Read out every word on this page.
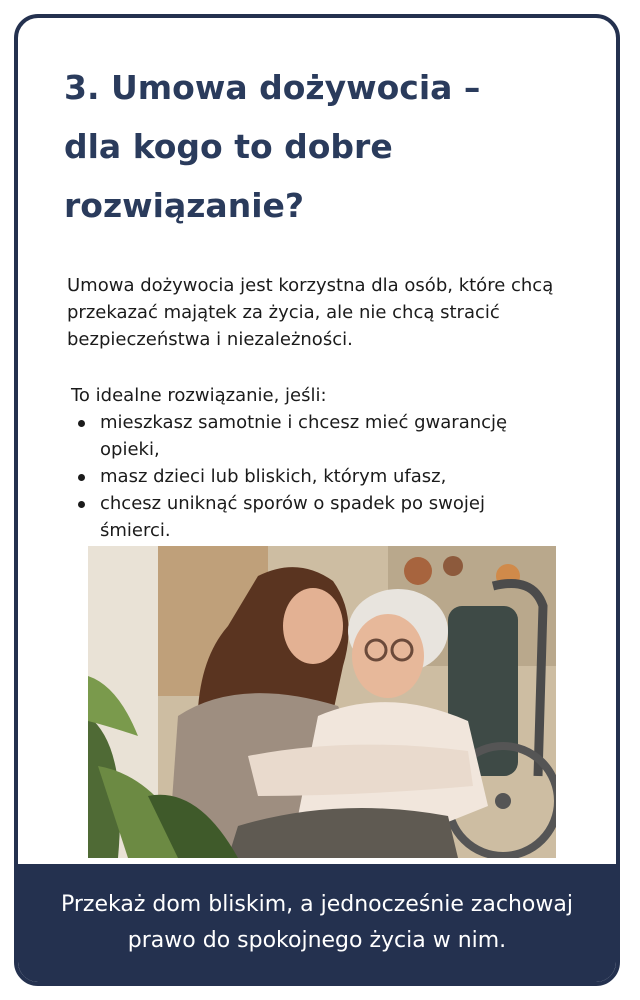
3. Umowa dożywocia –
dla kogo to dobre
rozwiązanie?

Umowa dożywocia jest korzystna dla osób, które chcą
przekazać majątek za życia, ale nie chcą stracić
bezpieczeństwa i niezależności.

To idealne rozwiązanie, jeśli:

mieszkasz samotnie i chcesz mieć gwarancję opieki,
masz dzieci lub bliskich, którym ufasz,
chcesz uniknąć sporów o spadek po swojej śmierci.

Przekaż dom bliskim, a jednocześnie zachowaj
prawo do spokojnego życia w nim.
